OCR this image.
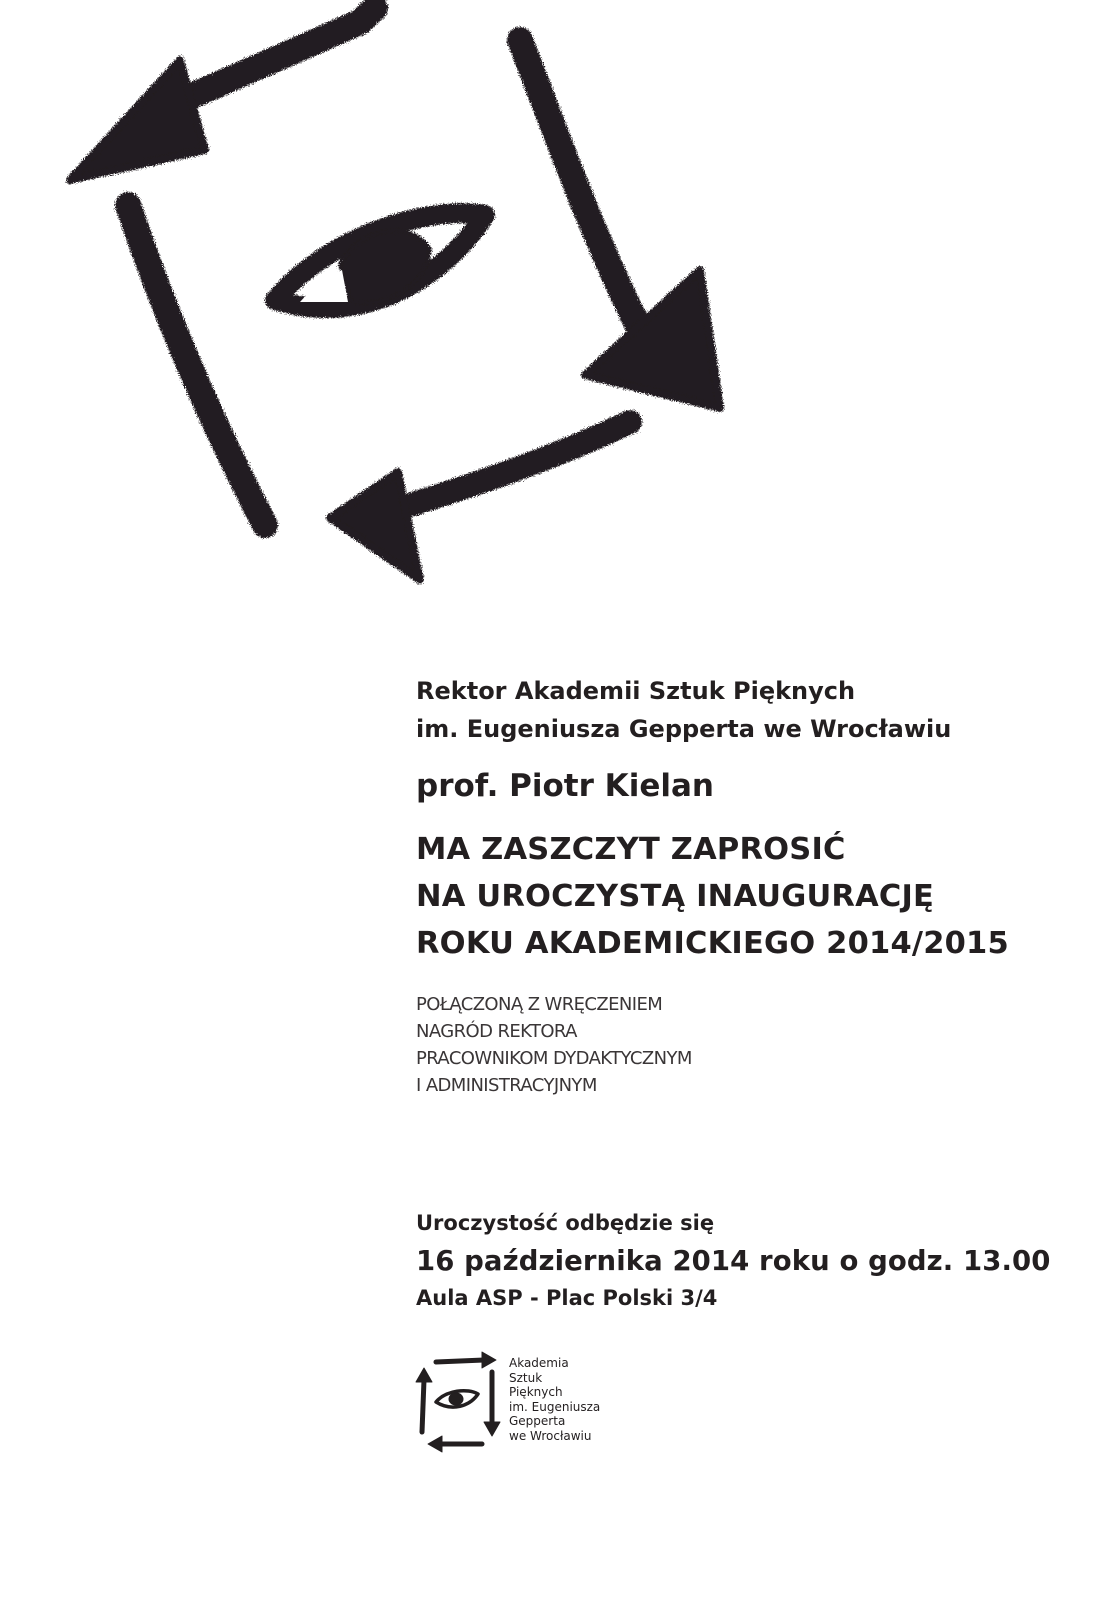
Rektor Akademii Sztuk Pięknych
im. Eugeniusza Gepperta we Wrocławiu
prof. Piotr Kielan
MA ZASZCZYT ZAPROSIĆ
NA UROCZYSTĄ INAUGURACJĘ
ROKU AKADEMICKIEGO 2014/2015
POŁĄCZONĄ Z WRĘCZENIEM
NAGRÓD REKTORA
PRACOWNIKOM DYDAKTYCZNYM
I ADMINISTRACYJNYM
Uroczystość odbędzie się
16 października 2014 roku o godz. 13.00
Aula ASP - Plac Polski 3/4
Akademia
Sztuk
Pięknych
im. Eugeniusza
Gepperta
we Wrocławiu
